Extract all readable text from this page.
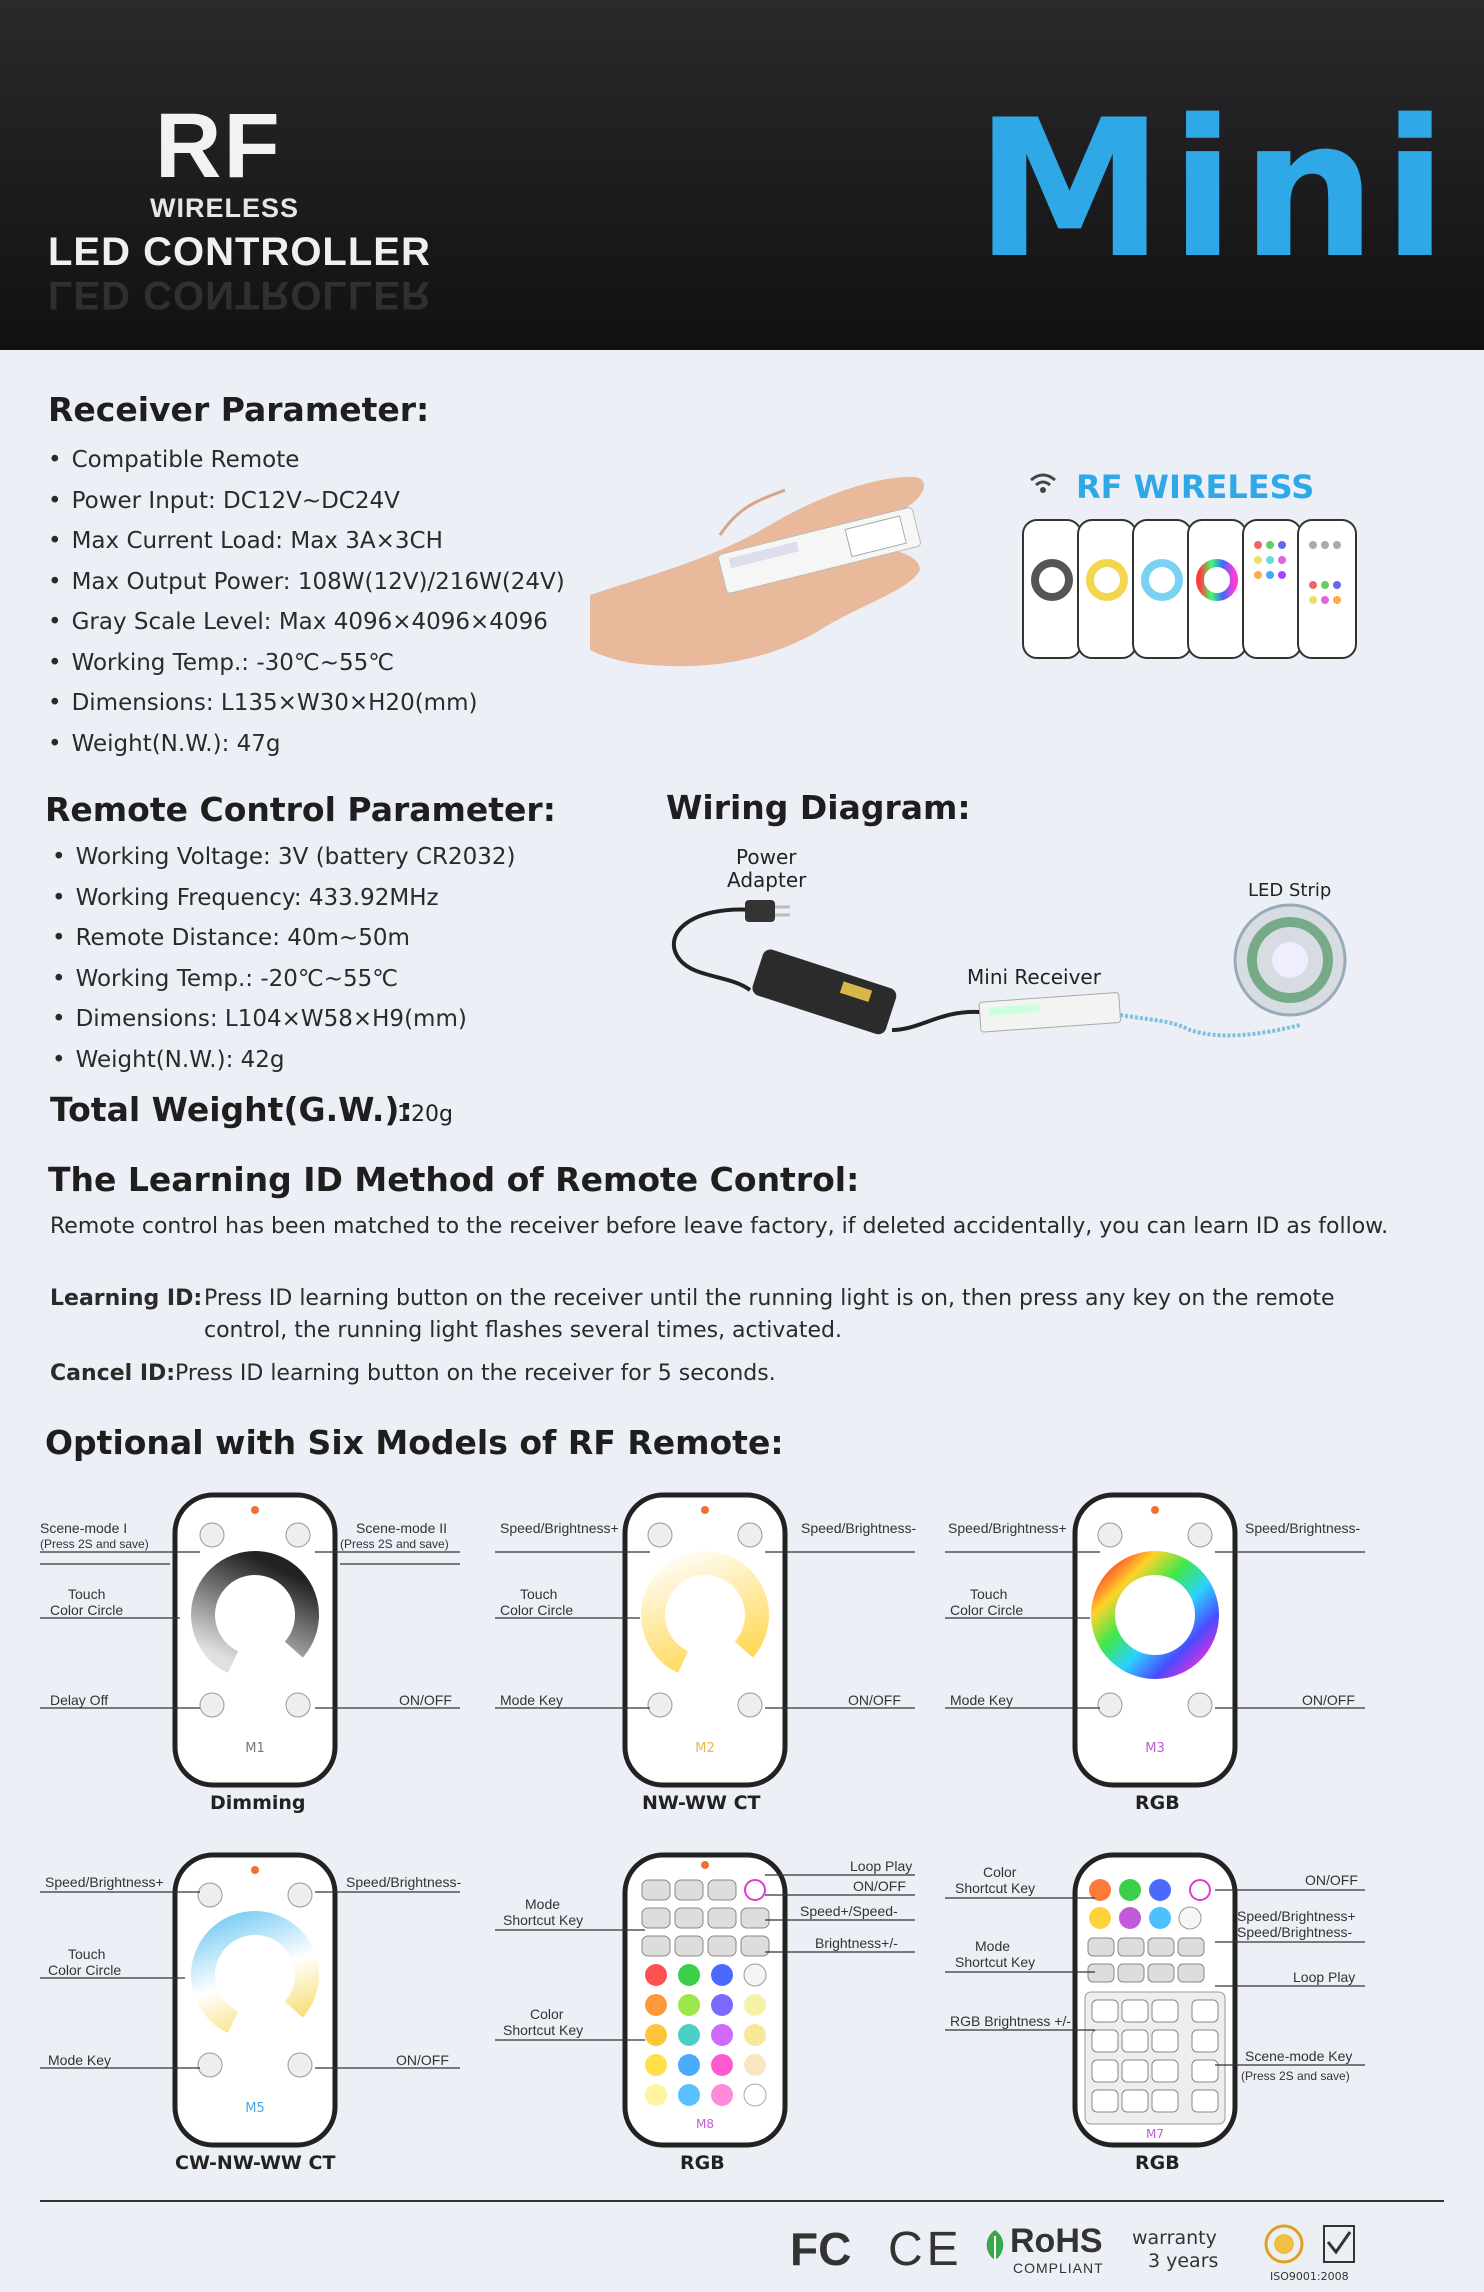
RF
WIRELESS
LED CONTROLLER
LED CONTROLLER	Mini
Receiver Parameter:
• Compatible Remote
• Power Input: DC12V~DC24V
• Max Current Load: Max 3A×3CH
• Max Output Power: 108W(12V)/216W(24V)
• Gray Scale Level: Max 4096×4096×4096
• Working Temp.: -30℃~55℃
• Dimensions: L135×W30×H20(mm)
• Weight(N.W.): 47g
RF WIRELESS
Remote Control Parameter:
• Working Voltage: 3V (battery CR2032)
• Working Frequency: 433.92MHz
• Remote Distance: 40m~50m
• Working Temp.: -20℃~55℃
• Dimensions: L104×W58×H9(mm)
• Weight(N.W.): 42g
Total Weight(G.W.):
120g
Wiring Diagram:
Power
Adapter	LED Strip
Mini Receiver
The Learning ID Method of Remote Control:
Remote control has been matched to the receiver before leave factory, if deleted accidentally, you can learn ID as follow.
Learning ID: Press ID learning button on the receiver until the running light is on, then press any key on the remote control, the running light flashes several times, activated.
Cancel ID: Press ID learning button on the receiver for 5 seconds.
Optional with Six Models of RF Remote:
M1
Scene-mode I
(Press 2S and save)
Scene-mode II
(Press 2S and save)
Touch
Color Circle
Delay Off	ON/OFF
Dimming
M2
Speed/Brightness+	Speed/Brightness-
Touch
Color Circle
Mode Key	ON/OFF
NW-WW CT
M3
Speed/Brightness+	Speed/Brightness-
Touch
Color Circle
Mode Key	ON/OFF
RGB
M5
Speed/Brightness+	Speed/Brightness-
Touch
Color Circle
Mode Key	ON/OFF
CW-NW-WW CT
M8
Loop Play
ON/OFF
Speed+/Speed-
Brightness+/-
Mode
Shortcut Key
Color
Shortcut Key
RGB
M7
Color
Shortcut Key	ON/OFF
Speed/Brightness+
Speed/Brightness-
Mode
Shortcut Key
Loop Play
RGB Brightness +/-
Scene-mode Key
(Press 2S and save)
RGB
FC CE RoHS
COMPLIANT
warranty
3 years
ISO9001:2008
